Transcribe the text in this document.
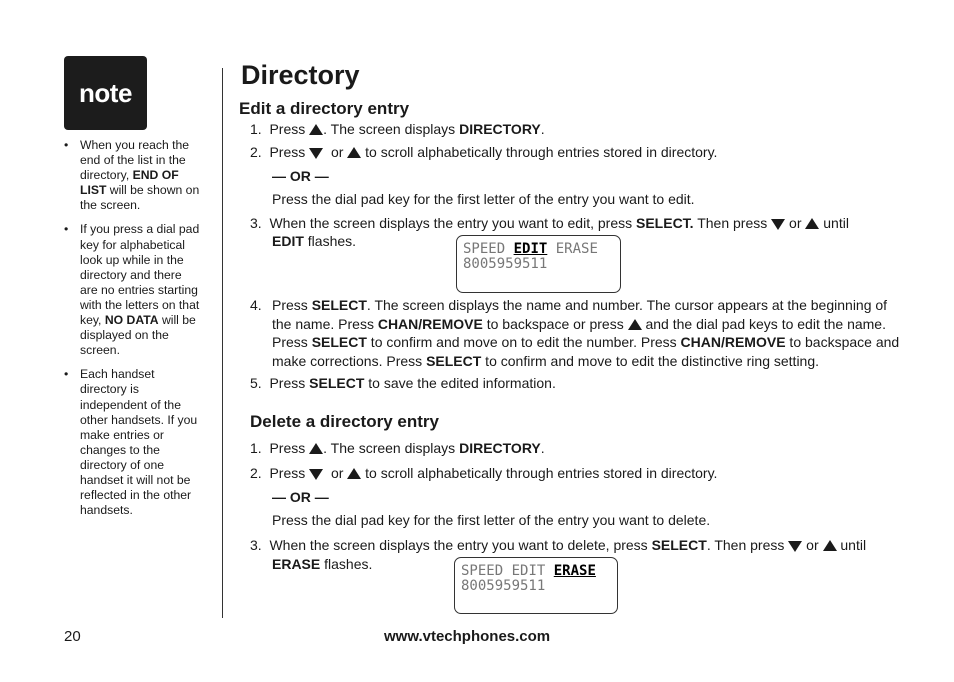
note
• When you reach the end of the list in the directory, END OF LIST will be shown on the screen.
• If you press a dial pad key for alphabetical look up while in the directory and there are no entries starting with the letters on that key, NO DATA will be displayed on the screen.
• Each handset directory is independent of the other handsets. If you make entries or changes to the directory of one handset it will not be reflected in the other handsets.
Directory
Edit a directory entry
1. Press . The screen displays DIRECTORY.
2. Press or to scroll alphabetically through entries stored in directory.
— OR —
Press the dial pad key for the first letter of the entry you want to edit.
3. When the screen displays the entry you want to edit, press SELECT. Then press or until
EDIT flashes.	SPEED EDIT ERASE
8005959511
4. Press SELECT. The screen displays the name and number. The cursor appears at the beginning of the name. Press CHAN/REMOVE to backspace or press and the dial pad keys to edit the name. Press SELECT to confirm and move on to edit the number. Press CHAN/REMOVE to backspace and make corrections. Press SELECT to confirm and move to edit the distinctive ring setting.
5. Press SELECT to save the edited information.
Delete a directory entry
1. Press . The screen displays DIRECTORY.
2. Press or to scroll alphabetically through entries stored in directory.
— OR —
Press the dial pad key for the first letter of the entry you want to delete.
3. When the screen displays the entry you want to delete, press SELECT. Then press or until
ERASE flashes.	SPEED EDIT ERASE
8005959511
20	www.vtechphones.com
